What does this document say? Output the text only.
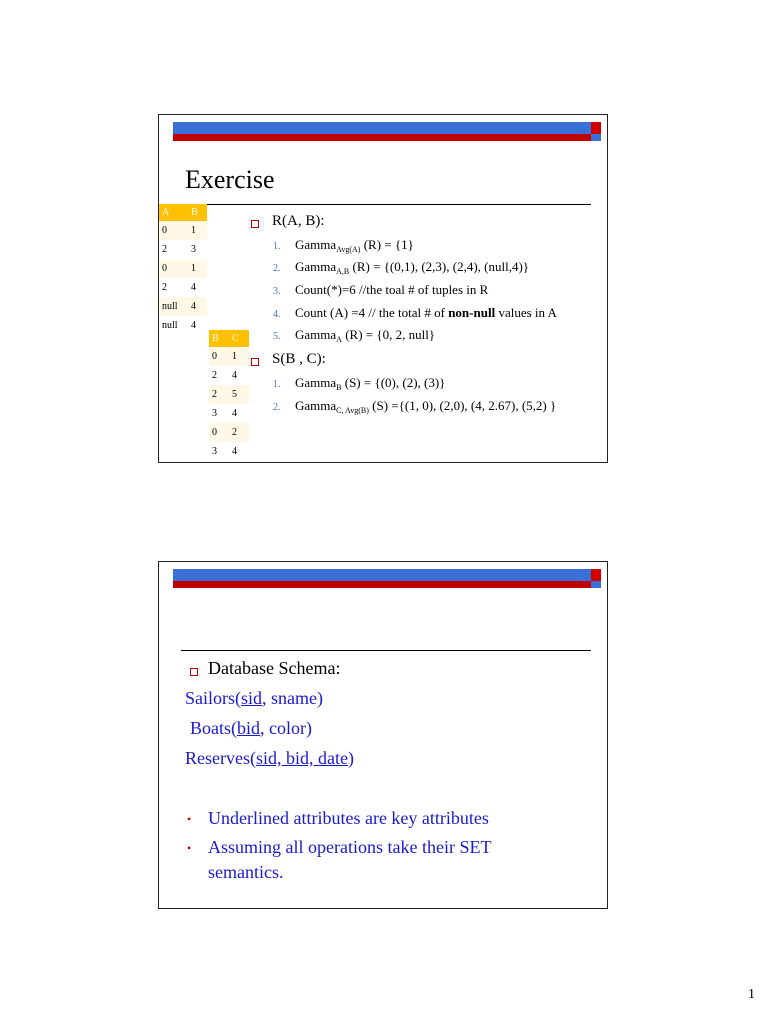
Exercise
A	B
0	1
2	3
0	1
2	4
null	4
null	4
B	C
0	1
2	4
2	5
3	4
0	2
3	4
R(A, B):
1. Gamma$_{Avg(A)}$ (R) = {1}
2. Gamma$_{A,B}$ (R) = {(0,1), (2,3), (2,4), (null,4)}
3. Count(*)=6 //the toal # of tuples in R
4. Count (A) =4 // the total # of non-null values in A
5. Gamma$_A$ (R) = {0, 2, null}
S(B , C):
1. Gamma$_B$ (S) = {(0), (2), (3)}
2. Gamma$_{C, Avg(B)}$ (S) ={(1, 0), (2,0), (4, 2.67), (5,2) }
Database Schema:
Sailors(sid, sname)
Boats(bid, color)
Reserves(sid, bid, date)
• Underlined attributes are key attributes
• Assuming all operations take their SET
semantics.
1
